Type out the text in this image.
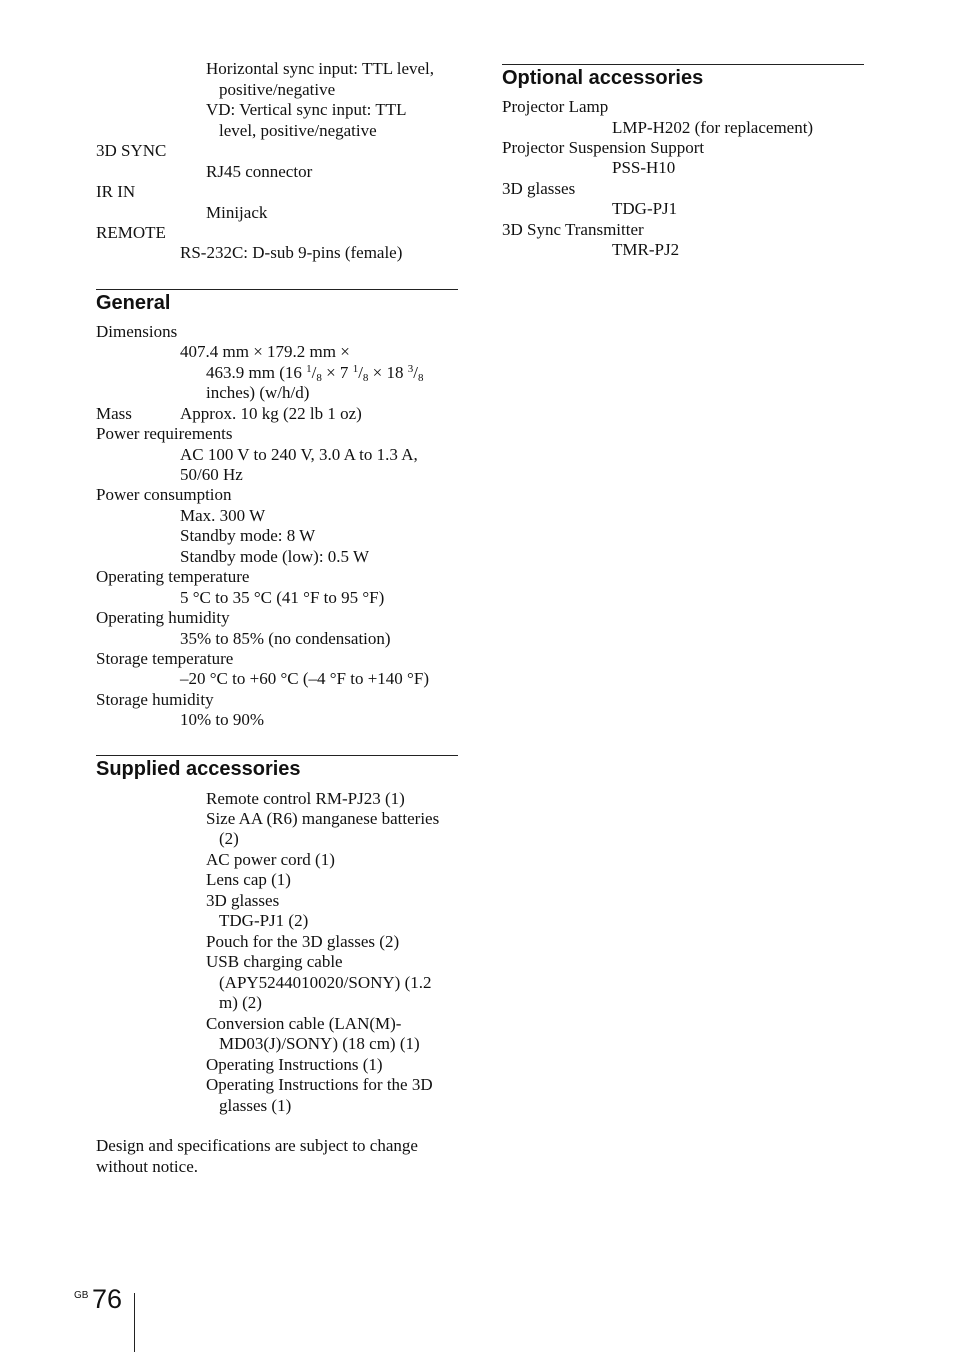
Horizontal sync input: TTL level,
positive/negative
VD: Vertical sync input: TTL
level, positive/negative
3D SYNC
RJ45 connector
IR IN
Minijack
REMOTE
RS-232C: D-sub 9-pins (female)
General
Dimensions
407.4 mm × 179.2 mm ×
463.9 mm (16 $^1/_8 \times 7$ $^1/_8 \times 18$ $^3/_8$
inches) (w/h/d)
Mass	Approx. 10 kg (22 lb 1 oz)
Power requirements
AC 100 V to 240 V, 3.0 A to 1.3 A,
50/60 Hz
Power consumption
Max. 300 W
Standby mode: 8 W
Standby mode (low): 0.5 W
Operating temperature
5 °C to 35 °C (41 °F to 95 °F)
Operating humidity
35% to 85% (no condensation)
Storage temperature
–20 °C to +60 °C (–4 °F to +140 °F)
Storage humidity
10% to 90%
Supplied accessories
Remote control RM-PJ23 (1)
Size AA (R6) manganese batteries
(2)
AC power cord (1)
Lens cap (1)
3D glasses
TDG-PJ1 (2)
Pouch for the 3D glasses (2)
USB charging cable
(APY5244010020/SONY) (1.2
m) (2)
Conversion cable (LAN(M)-
MD03(J)/SONY) (18 cm) (1)
Operating Instructions (1)
Operating Instructions for the 3D
glasses (1)
Design and specifications are subject to change
without notice.
Optional accessories
Projector Lamp
LMP-H202 (for replacement)
Projector Suspension Support
PSS-H10
3D glasses
TDG-PJ1
3D Sync Transmitter
TMR-PJ2
GB 76
